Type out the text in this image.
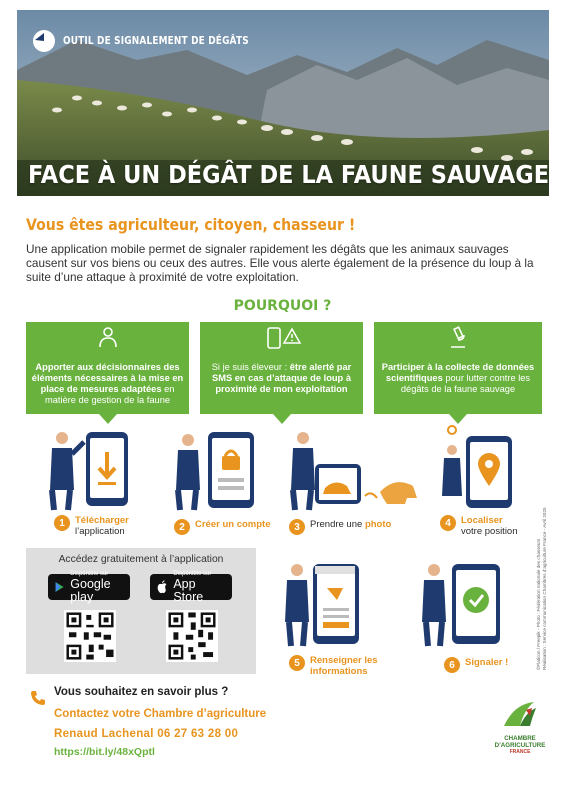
OUTIL DE SIGNALEMENT DE DÉGÂTS
FACE À UN DÉGÂT DE LA FAUNE SAUVAGE
Vous êtes agriculteur, citoyen, chasseur !
Une application mobile permet de signaler rapidement les dégâts que les animaux sauvages causent sur vos biens ou ceux des autres. Elle vous alerte également de la présence du loup à la suite d’une attaque à proximité de votre exploitation.
POURQUOI ?
Apporter aux décisionnaires des éléments nécessaires à la mise en place de mesures adaptées en matière de gestion de la faune
Si je suis éleveur : être alerté par SMS en cas d’attaque de loup à proximité de mon exploitation
Participer à la collecte de données scientifiques pour lutter contre les dégâts de la faune sauvage
1	Télécharger
l’application	2	Créer un compte	3	Prendre une photo	4	Localiser
votre position
Accédez gratuitement à l’application
Disponible sur
Google play
Disponible sur
App Store
5	Renseigner les informations
6	Signaler !
Vous souhaitez en savoir plus ?
Contactez votre Chambre d’agriculture
Renaud Lachenal 06 27 63 28 00
https://bit.ly/48xQptl
©Flaticon / Freepik - Photo : Fédération nationale des chasseurs Réalisation : Service communication Chambres d’agriculture France - Avril 2025
CHAMBRE
D’AGRICULTURE
FRANCE
